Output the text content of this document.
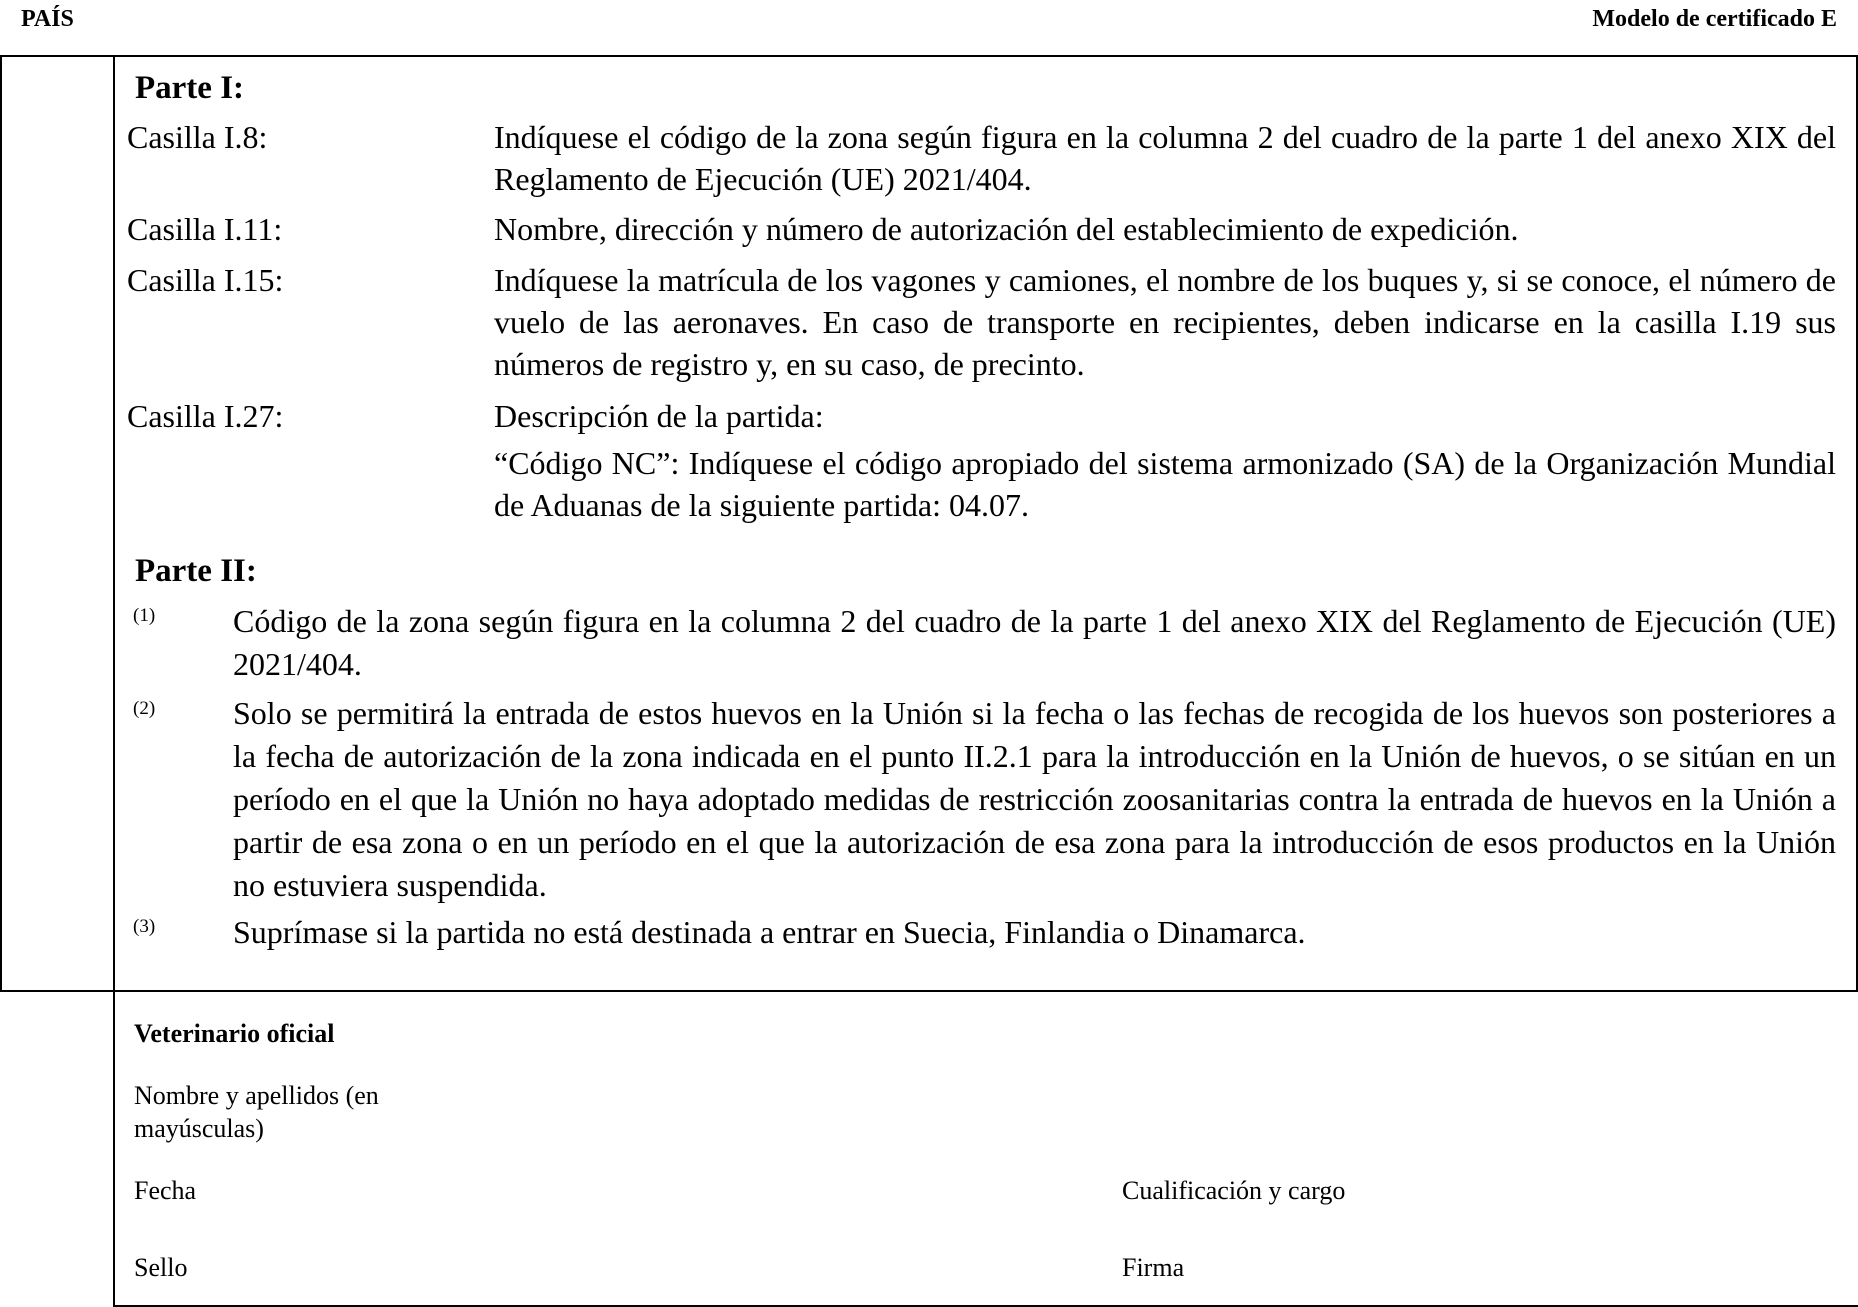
PAÍS	Modelo de certificado E
Parte I:
Casilla I.8:	Indíquese el código de la zona según figura en la columna 2 del cuadro de la parte 1 del anexo XIX del Reglamento de Ejecución (UE) 2021/404.
Casilla I.11:	Nombre, dirección y número de autorización del establecimiento de expedición.
Casilla I.15:	Indíquese la matrícula de los vagones y camiones, el nombre de los buques y, si se conoce, el número de vuelo de las aeronaves. En caso de transporte en recipientes, deben indicarse en la casilla I.19 sus números de registro y, en su caso, de precinto.
Casilla I.27:	Descripción de la partida:
“Código NC”: Indíquese el código apropiado del sistema armonizado (SA) de la Organización Mundial de Aduanas de la siguiente partida: 04.07.
Parte II:
(1) Código de la zona según figura en la columna 2 del cuadro de la parte 1 del anexo XIX del Reglamento de Ejecución (UE) 2021/404.
(2) Solo se permitirá la entrada de estos huevos en la Unión si la fecha o las fechas de recogida de los huevos son posteriores a la fecha de autorización de la zona indicada en el punto II.2.1 para la introducción en la Unión de huevos, o se sitúan en un período en el que la Unión no haya adoptado medidas de restricción zoosanitarias contra la entrada de huevos en la Unión a partir de esa zona o en un período en el que la autorización de esa zona para la introducción de esos productos en la Unión no estuviera suspendida.
(3) Suprímase si la partida no está destinada a entrar en Suecia, Finlandia o Dinamarca.
Veterinario oficial
Nombre y apellidos (en mayúsculas)
Fecha	Cualificación y cargo
Sello	Firma
